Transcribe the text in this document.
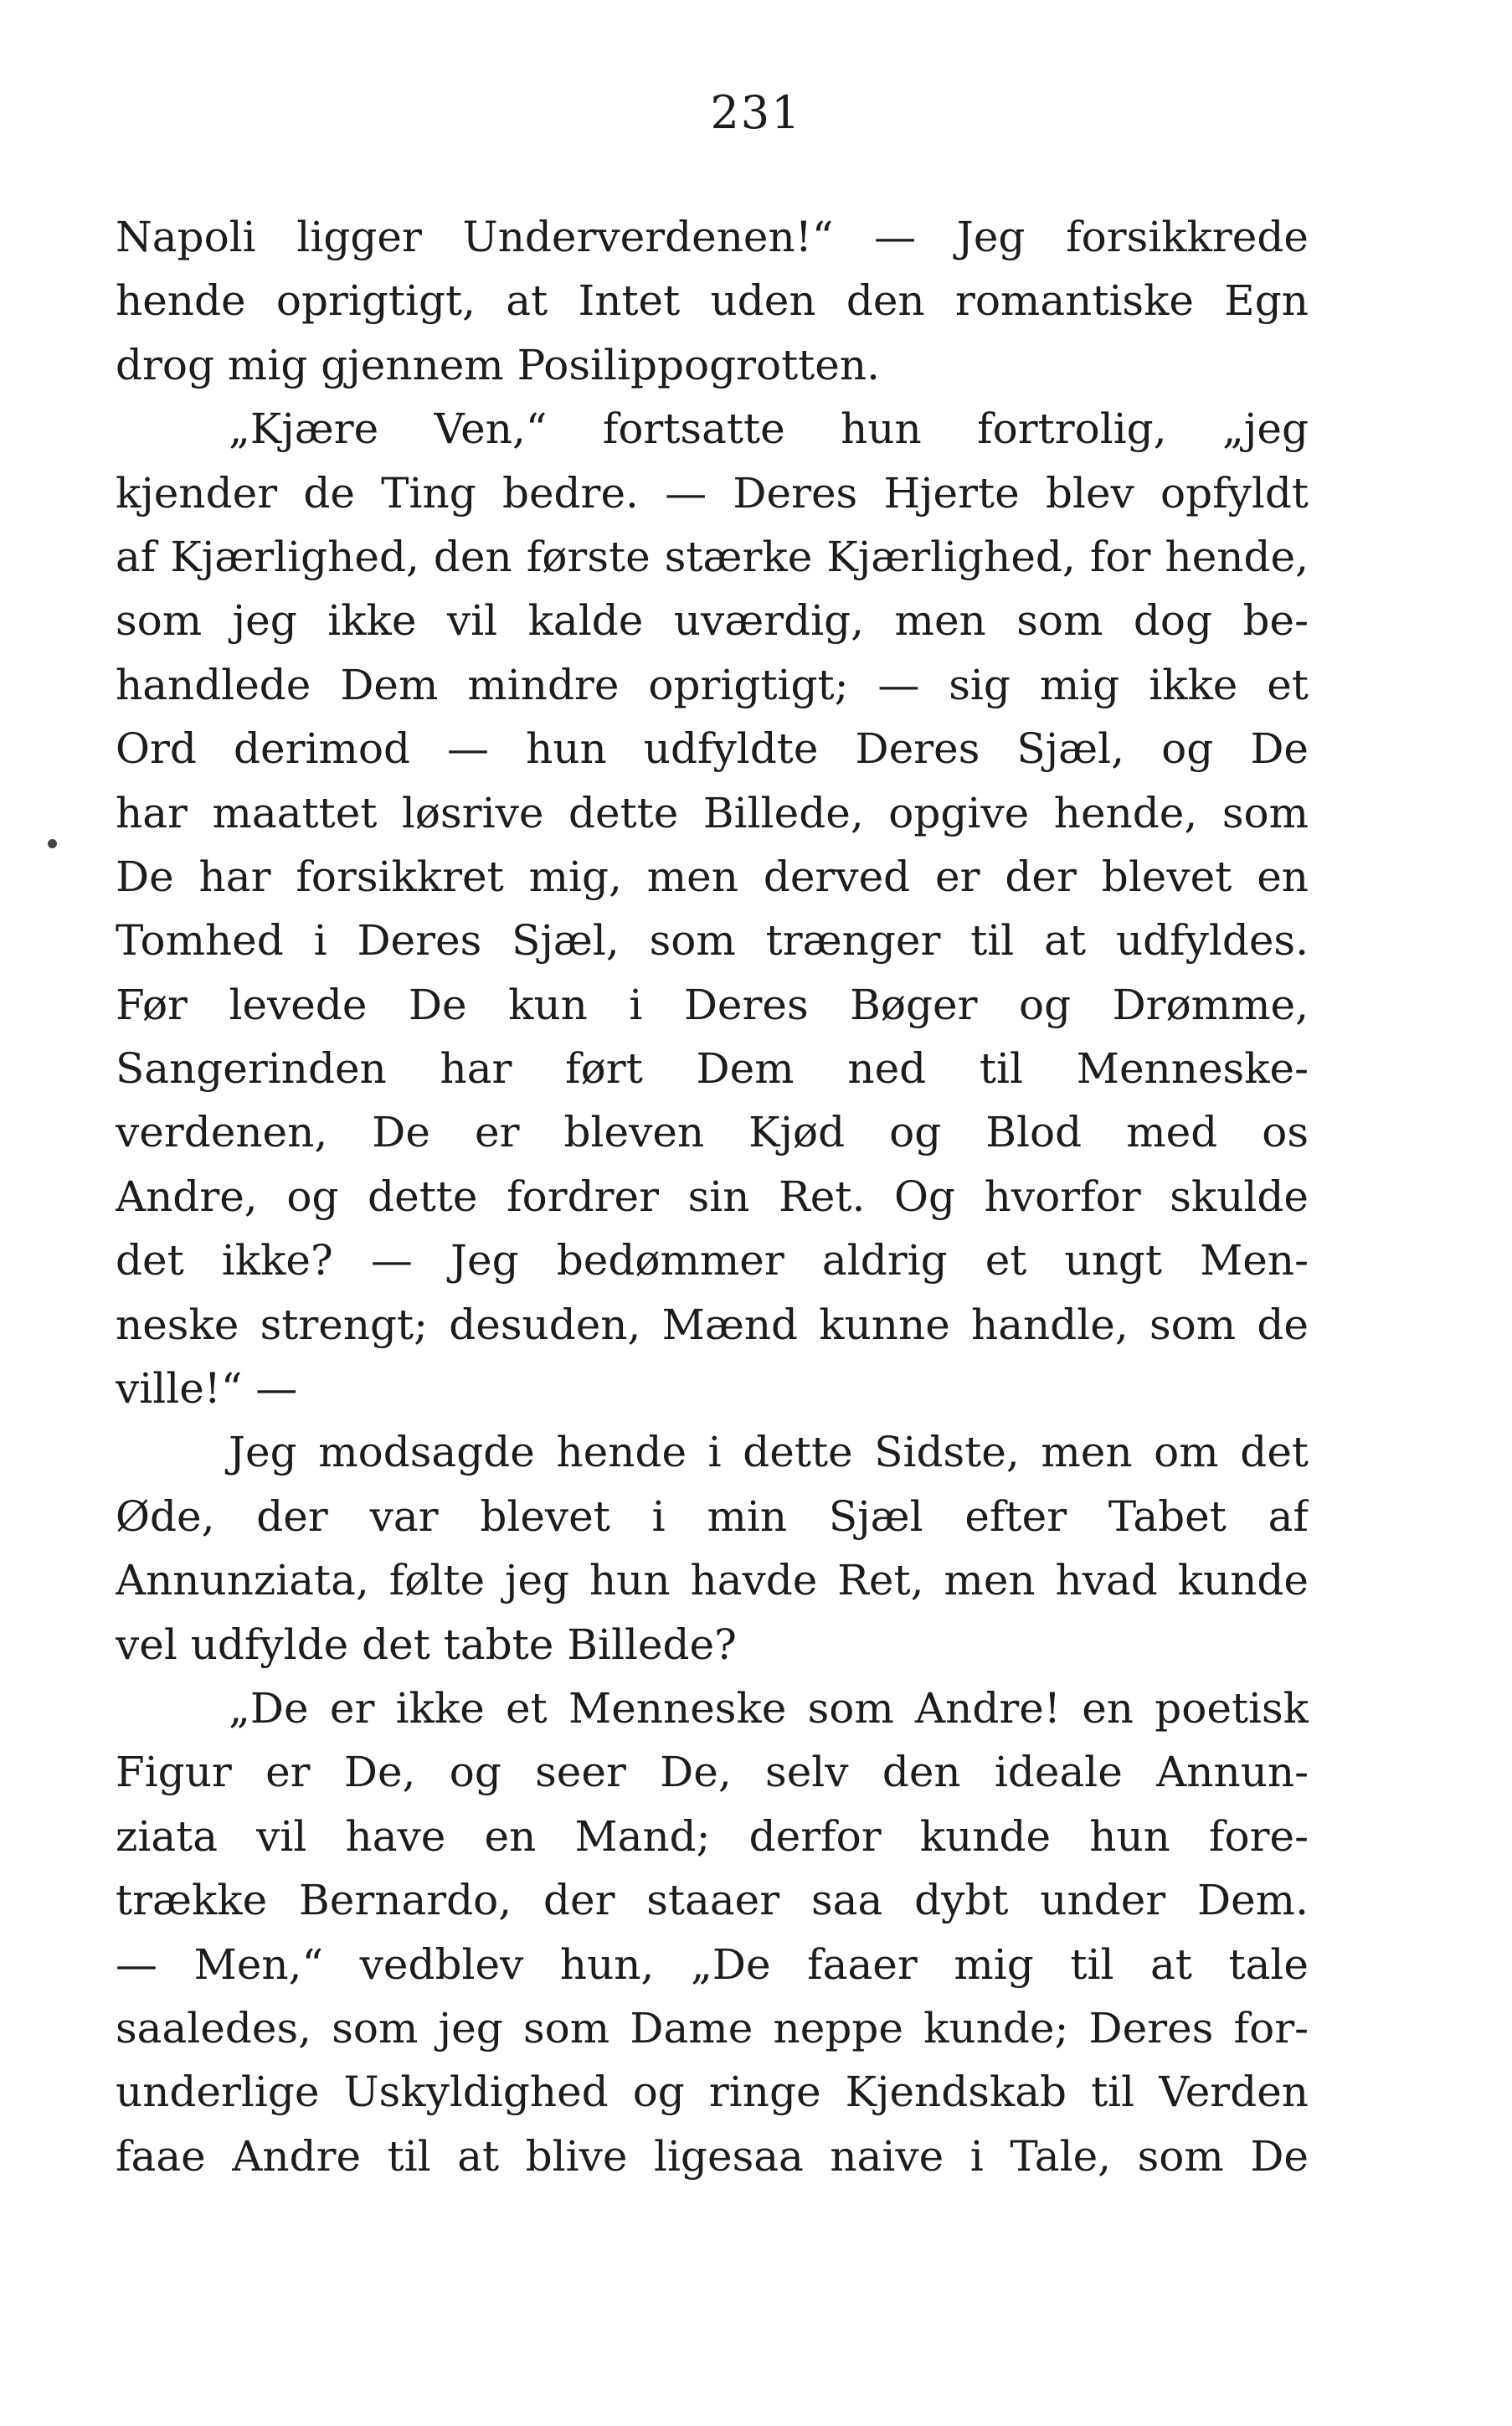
231
Napoli ligger Underverdenen!“ — Jeg forsikkrede
hende oprigtigt, at Intet uden den romantiske Egn
drog mig gjennem Posilippogrotten.
„Kjære Ven,“ fortsatte hun fortrolig, „jeg
kjender de Ting bedre. — Deres Hjerte blev opfyldt
af Kjærlighed, den første stærke Kjærlighed, for hende,
som jeg ikke vil kalde uværdig, men som dog be-
handlede Dem mindre oprigtigt; — sig mig ikke et
Ord derimod — hun udfyldte Deres Sjæl, og De
har maattet løsrive dette Billede, opgive hende, som
De har forsikkret mig, men derved er der blevet en
Tomhed i Deres Sjæl, som trænger til at udfyldes.
Før levede De kun i Deres Bøger og Drømme,
Sangerinden har ført Dem ned til Menneske-
verdenen, De er bleven Kjød og Blod med os
Andre, og dette fordrer sin Ret. Og hvorfor skulde
det ikke? — Jeg bedømmer aldrig et ungt Men-
neske strengt; desuden, Mænd kunne handle, som de
ville!“ —
Jeg modsagde hende i dette Sidste, men om det
Øde, der var blevet i min Sjæl efter Tabet af
Annunziata, følte jeg hun havde Ret, men hvad kunde
vel udfylde det tabte Billede?
„De er ikke et Menneske som Andre! en poetisk
Figur er De, og seer De, selv den ideale Annun-
ziata vil have en Mand; derfor kunde hun fore-
trække Bernardo, der staaer saa dybt under Dem.
— Men,“ vedblev hun, „De faaer mig til at tale
saaledes, som jeg som Dame neppe kunde; Deres for-
underlige Uskyldighed og ringe Kjendskab til Verden
faae Andre til at blive ligesaa naive i Tale, som De
